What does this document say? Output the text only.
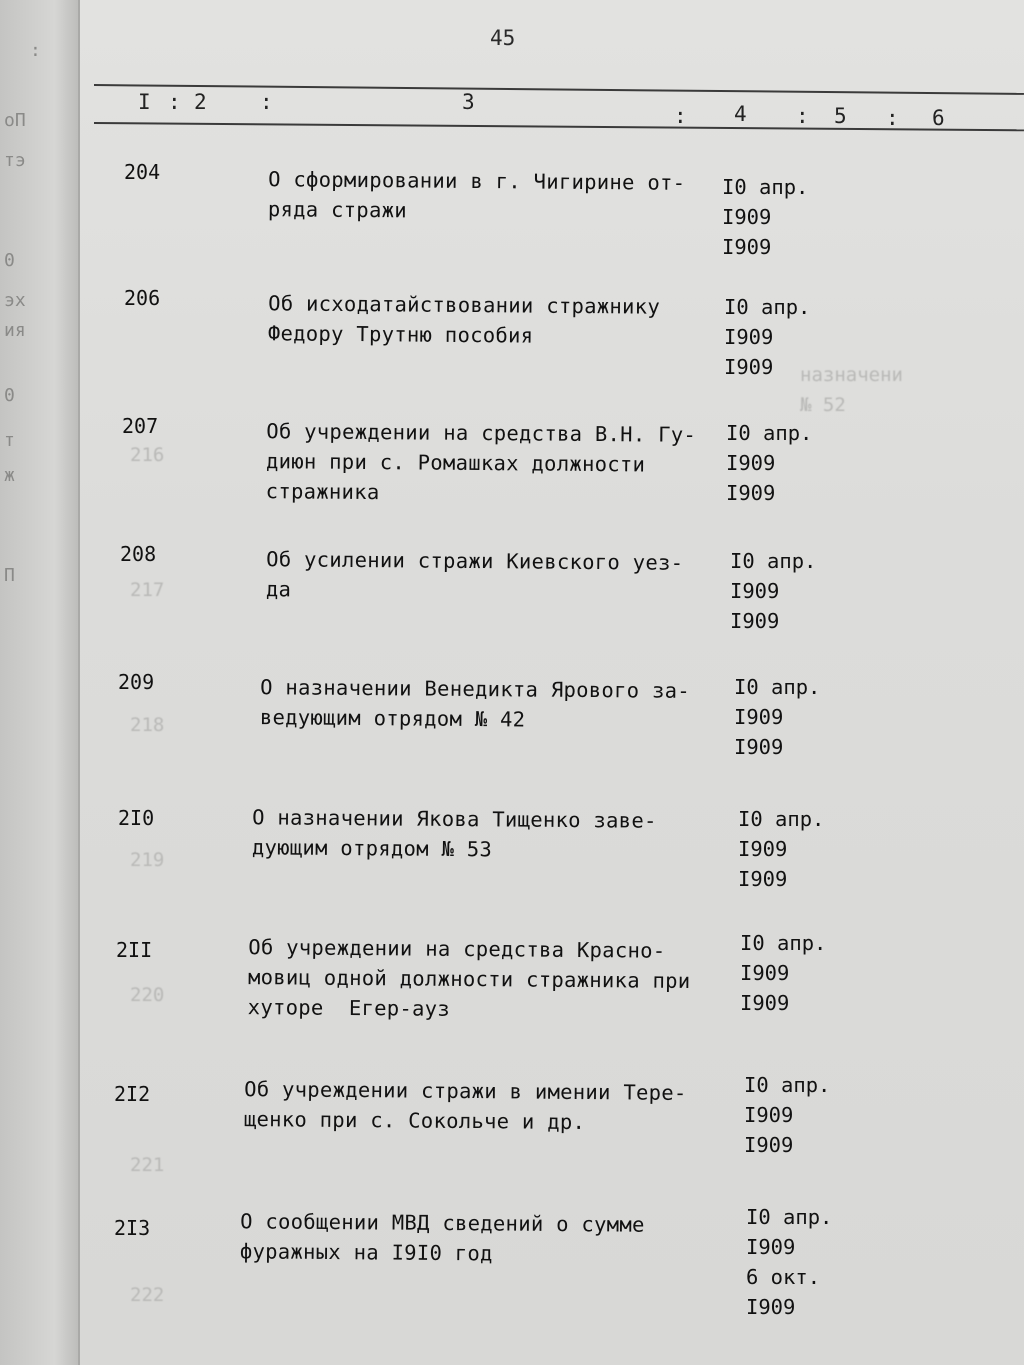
:
оП
тэ
0
эх
ия
0
т
ж
П
45
I : 2	:	3
: 4 : 5 : 6
назначени
№ 52
216
217
218
219
220
221
222
204	О сформировании в г. Чигирине от-
ряда стражи
I0 апр.
I909
I909
206	Об исходатайствовании стражнику
Федору Трутню пособия
I0 апр.
I909
I909
207	Об учреждении на средства В.Н. Гу-
диюн при с. Ромашках должности
стражника
I0 апр.
I909
I909
208	Об усилении стражи Киевского уез-
да
I0 апр.
I909
I909
209	О назначении Венедикта Ярового за-
ведующим отрядом № 42
I0 апр.
I909
I909
2I0	О назначении Якова Тищенко заве-
дующим отрядом № 53
I0 апр.
I909
I909
2II	Об учреждении на средства Красно-
мовиц одной должности стражника при
хуторе  Егер-ауз
I0 апр.
I909
I909
2I2	Об учреждении стражи в имении Тере-
щенко при с. Сокольче и др.
I0 апр.
I909
I909
2I3	О сообщении МВД сведений о сумме
фуражных на I9I0 год
I0 апр.
I909
6 окт.
I909
